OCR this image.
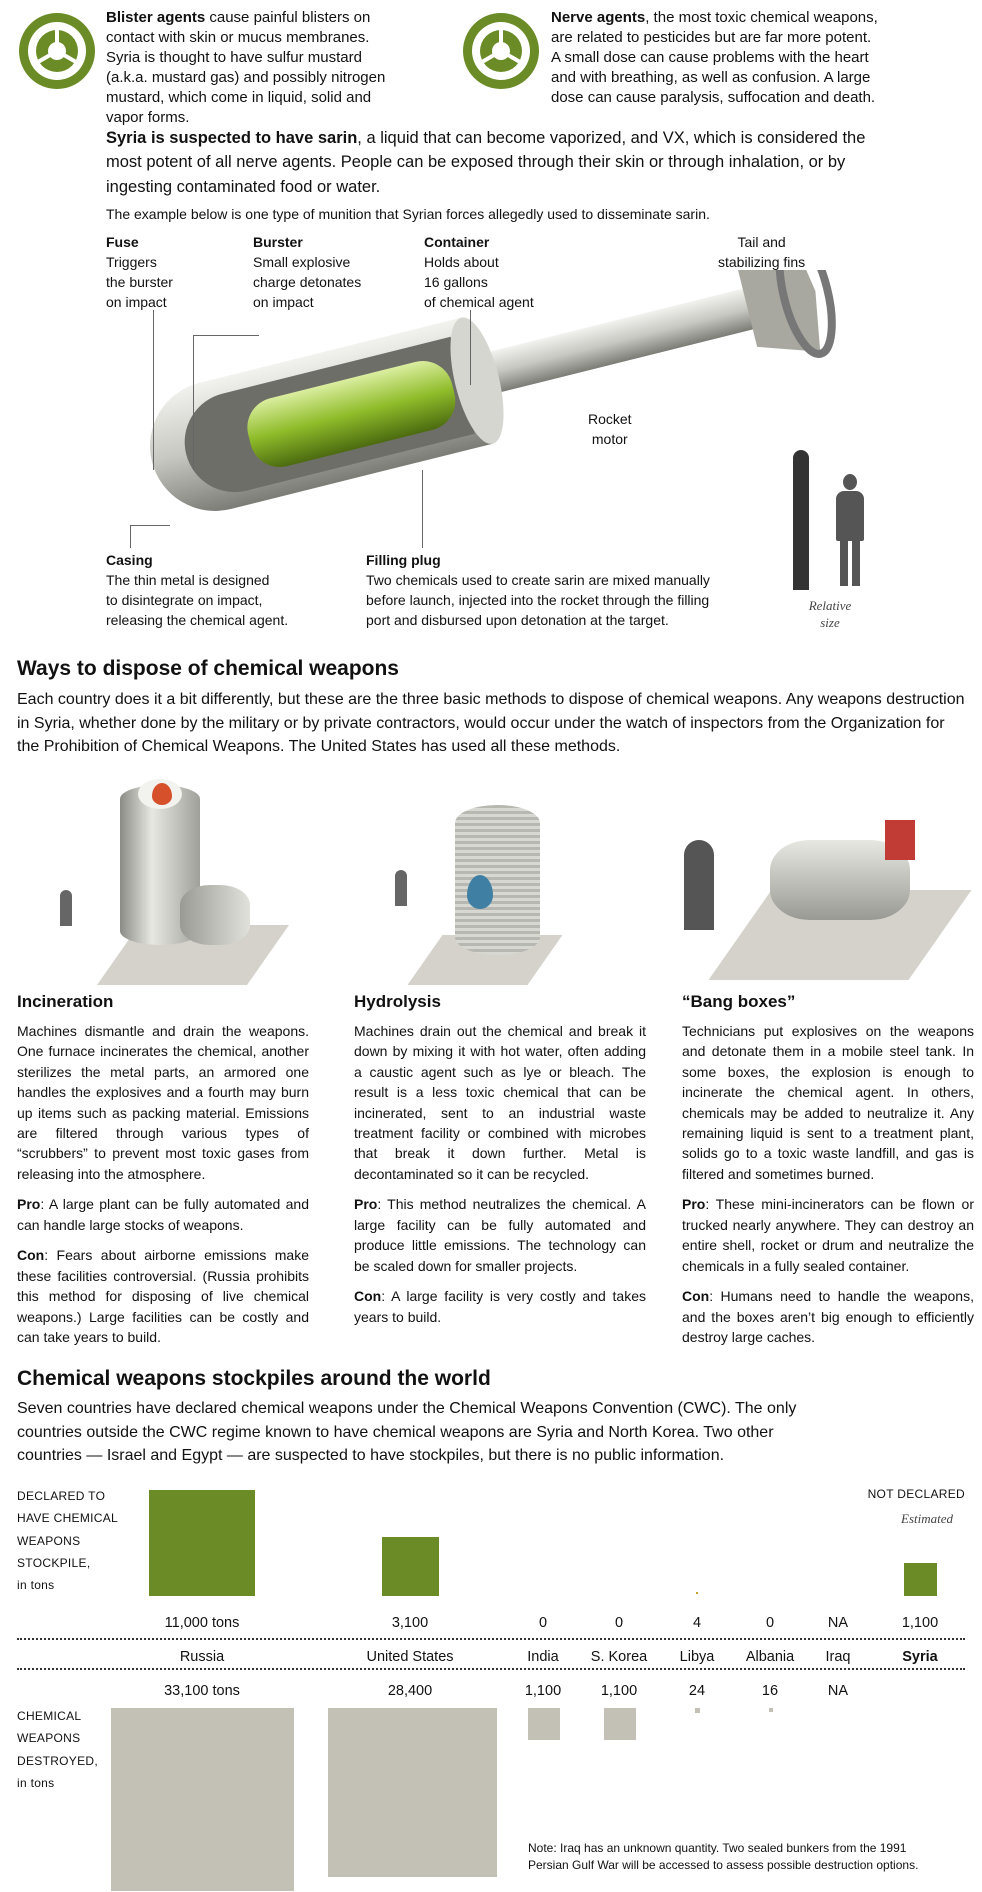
Blister agents cause painful blisters on contact with skin or mucus membranes. Syria is thought to have sulfur mustard (a.k.a. mustard gas) and possibly nitrogen mustard, which come in liquid, solid and vapor forms.
Nerve agents, the most toxic chemical weapons, are related to pesticides but are far more potent. A small dose can cause problems with the heart and with breathing, as well as confusion. A large dose can cause paralysis, suffocation and death.
Syria is suspected to have sarin, a liquid that can become vaporized, and VX, which is considered the most potent of all nerve agents. People can be exposed through their skin or through inhalation, or by ingesting contaminated food or water.
The example below is one type of munition that Syrian forces allegedly used to disseminate sarin.
Fuse
Triggers
the burster
on impact
Burster
Small explosive
charge detonates
on impact
Container
Holds about
16 gallons
of chemical agent
Tail and
stabilizing fins
Rocket
motor
Casing
The thin metal is designed
to disintegrate on impact,
releasing the chemical agent.
Filling plug
Two chemicals used to create sarin are mixed manually
before launch, injected into the rocket through the filling
port and disbursed upon detonation at the target.
Relative
size
Ways to dispose of chemical weapons
Each country does it a bit differently, but these are the three basic methods to dispose of chemical weapons. Any weapons destruction in Syria, whether done by the military or by private contractors, would occur under the watch of inspectors from the Organization for the Prohibition of Chemical Weapons. The United States has used all these methods.
Incineration

Machines dismantle and drain the weapons. One furnace incinerates the chemical, another sterilizes the metal parts, an armored one handles the explosives and a fourth may burn up items such as packing material. Emissions are filtered through various types of “scrubbers” to prevent most toxic gases from releasing into the atmosphere.

Pro: A large plant can be fully automated and can handle large stocks of weapons.

Con: Fears about airborne emissions make these facilities controversial. (Russia prohibits this method for disposing of live chemical weapons.) Large facilities can be costly and can take years to build.

Hydrolysis

Machines drain out the chemical and break it down by mixing it with hot water, often adding a caustic agent such as lye or bleach. The result is a less toxic chemical that can be incinerated, sent to an industrial waste treatment facility or combined with microbes that break it down further. Metal is decontaminated so it can be recycled.

Pro: This method neutralizes the chemical. A large facility can be fully automated and produce little emissions. The technology can be scaled down for smaller projects.

Con: A large facility is very costly and takes years to build.

“Bang boxes”

Technicians put explosives on the weapons and detonate them in a mobile steel tank. In some boxes, the explosion is enough to incinerate the chemical agent. In others, chemicals may be added to neutralize it. Any remaining liquid is sent to a treatment plant, solids go to a toxic waste landfill, and gas is filtered and sometimes burned.

Pro: These mini-incinerators can be flown or trucked nearly anywhere. They can destroy an entire shell, rocket or drum and neutralize the chemicals in a fully sealed container.

Con: Humans need to handle the weapons, and the boxes aren’t big enough to efficiently destroy large caches.

Chemical weapons stockpiles around the world
Seven countries have declared chemical weapons under the Chemical Weapons Convention (CWC). The only countries outside the CWC regime known to have chemical weapons are Syria and North Korea. Two other countries — Israel and Egypt — are suspected to have stockpiles, but there is no public information.
DECLARED TO
HAVE CHEMICAL
WEAPONS
STOCKPILE,
in tons
NOT DECLARED
Estimated
11,000 tons	3,100	0	0	4	0	NA	1,100
Russia	United States	India	S. Korea	Libya	Albania	Iraq	Syria
33,100 tons	28,400	1,100	1,100	24	16	NA
CHEMICAL
WEAPONS
DESTROYED,
in tons
Note: Iraq has an unknown quantity. Two sealed bunkers from the 1991
Persian Gulf War will be accessed to assess possible destruction options.
